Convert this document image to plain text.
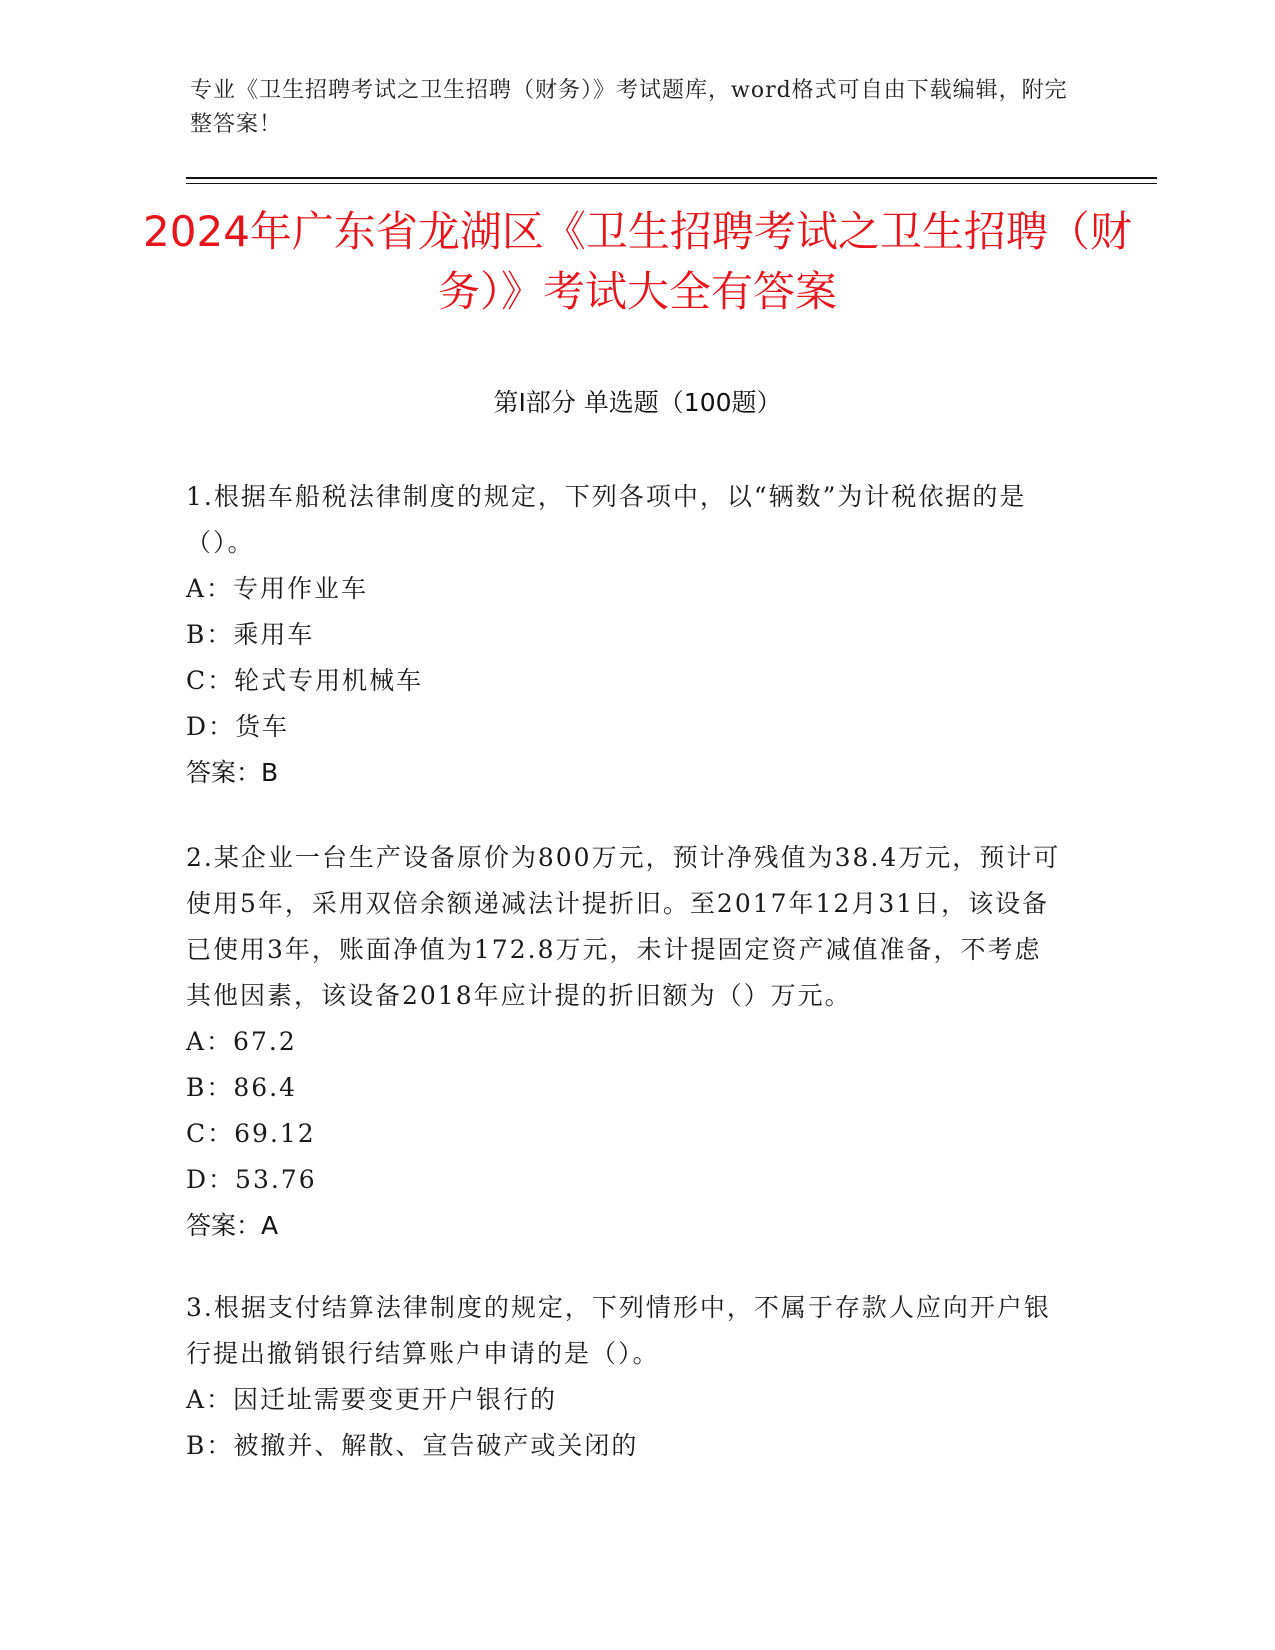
专业《卫生招聘考试之卫生招聘（财务）》考试题库，word格式可自由下载编辑，附完整答案！
2024年广东省龙湖区《卫生招聘考试之卫生招聘（财务）》考试大全有答案
第Ⅰ部分 单选题（100题）

1.根据车船税法律制度的规定，下列各项中，以“辆数”为计税依据的是（）。

A：专用作业车

B：乘用车

C：轮式专用机械车

D：货车

答案：B

2.某企业一台生产设备原价为800万元，预计净残值为38.4万元，预计可使用5年，采用双倍余额递减法计提折旧。至2017年12月31日，该设备已使用3年，账面净值为172.8万元，未计提固定资产减值准备，不考虑其他因素，该设备2018年应计提的折旧额为（）万元。

A：67.2

B：86.4

C：69.12

D：53.76

答案：A

3.根据支付结算法律制度的规定，下列情形中，不属于存款人应向开户银行提出撤销银行结算账户申请的是（）。

A：因迁址需要变更开户银行的

B：被撤并、解散、宣告破产或关闭的
